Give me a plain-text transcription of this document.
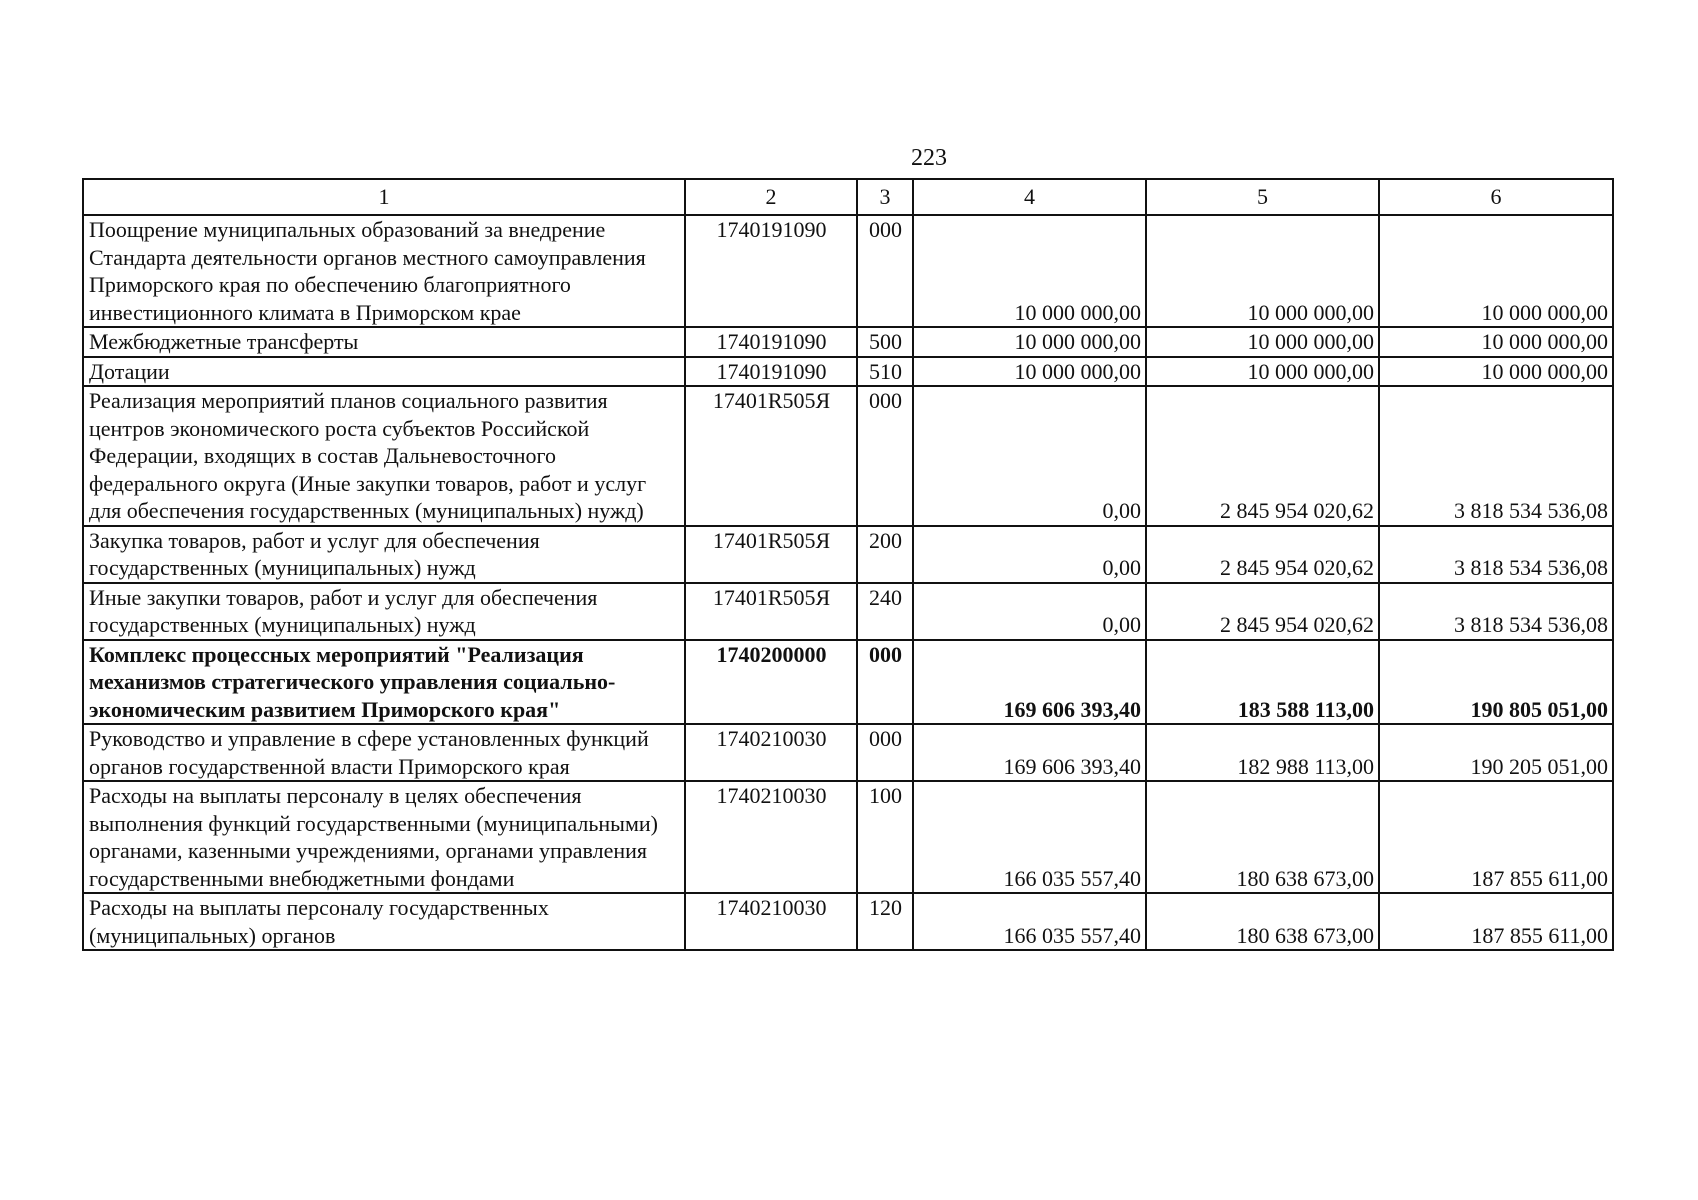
223
1	2	3	4	5	6
Поощрение муниципальных образований за внедрение Стандарта деятельности органов местного самоуправления Приморского края по обеспечению благоприятного инвестиционного климата в Приморском крае	1740191090	000	10 000 000,00	10 000 000,00	10 000 000,00
Межбюджетные трансферты	1740191090	500	10 000 000,00	10 000 000,00	10 000 000,00
Дотации	1740191090	510	10 000 000,00	10 000 000,00	10 000 000,00
Реализация мероприятий планов социального развития центров экономического роста субъектов Российской Федерации, входящих в состав Дальневосточного федерального округа (Иные закупки товаров, работ и услуг для обеспечения государственных (муниципальных) нужд)	17401R505Я	000	0,00	2 845 954 020,62	3 818 534 536,08
Закупка товаров, работ и услуг для обеспечения государственных (муниципальных) нужд	17401R505Я	200	0,00	2 845 954 020,62	3 818 534 536,08
Иные закупки товаров, работ и услуг для обеспечения государственных (муниципальных) нужд	17401R505Я	240	0,00	2 845 954 020,62	3 818 534 536,08
Комплекс процессных мероприятий "Реализация механизмов стратегического управления социально-экономическим развитием Приморского края"	1740200000	000	169 606 393,40	183 588 113,00	190 805 051,00
Руководство и управление в сфере установленных функций органов государственной власти Приморского края	1740210030	000	169 606 393,40	182 988 113,00	190 205 051,00
Расходы на выплаты персоналу в целях обеспечения выполнения функций государственными (муниципальными) органами, казенными учреждениями, органами управления государственными внебюджетными фондами	1740210030	100	166 035 557,40	180 638 673,00	187 855 611,00
Расходы на выплаты персоналу государственных (муниципальных) органов	1740210030	120	166 035 557,40	180 638 673,00	187 855 611,00
